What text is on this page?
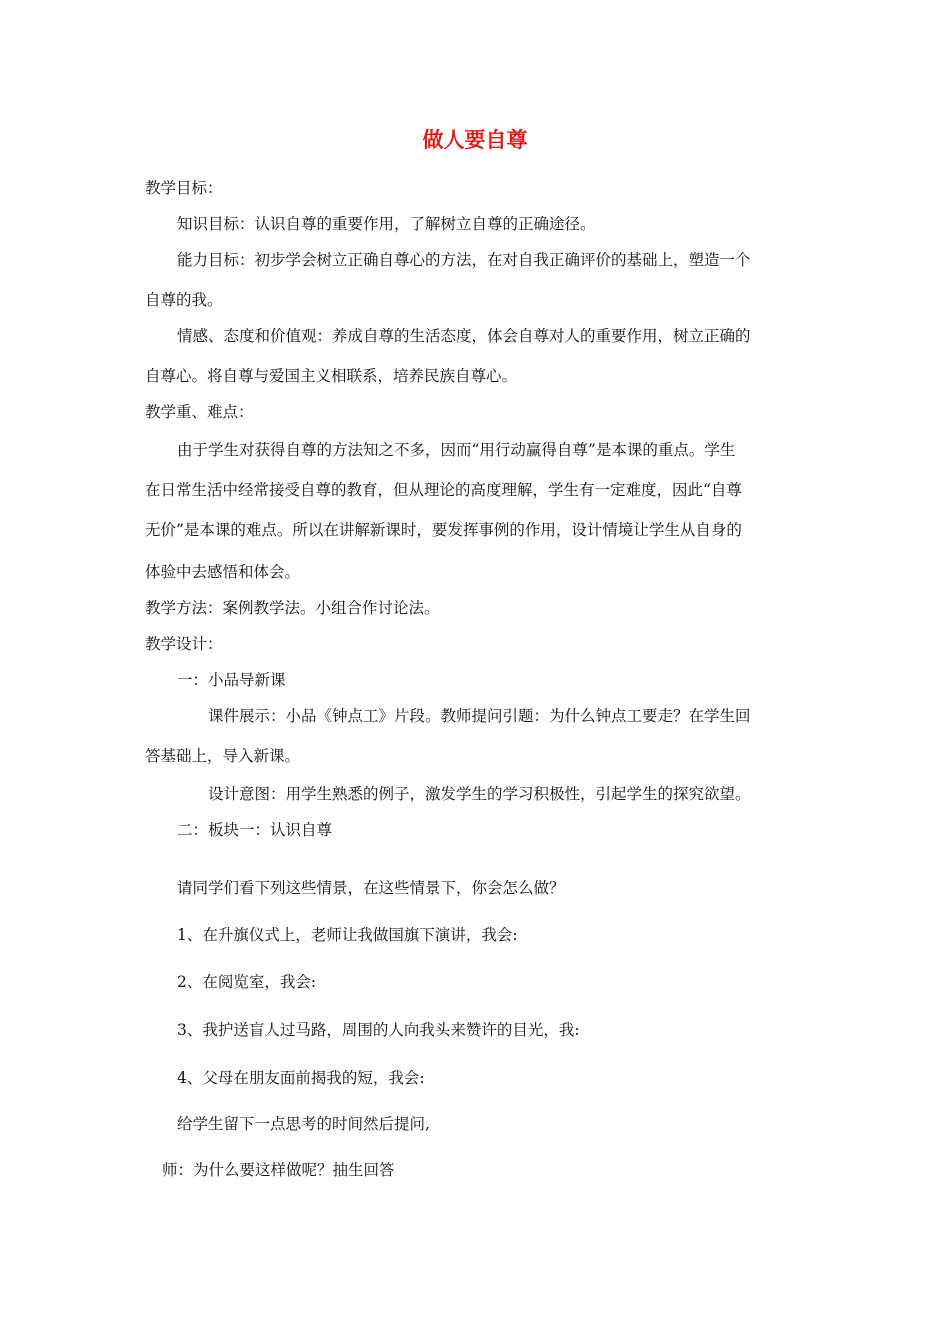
做人要自尊
教学目标：
知识目标：认识自尊的重要作用，了解树立自尊的正确途径。
能力目标：初步学会树立正确自尊心的方法，在对自我正确评价的基础上，塑造一个
自尊的我。
情感、态度和价值观：养成自尊的生活态度，体会自尊对人的重要作用，树立正确的
自尊心。将自尊与爱国主义相联系，培养民族自尊心。
教学重、难点：
由于学生对获得自尊的方法知之不多，因而“用行动赢得自尊”是本课的重点。学生
在日常生活中经常接受自尊的教育，但从理论的高度理解，学生有一定难度，因此“自尊
无价”是本课的难点。所以在讲解新课时，要发挥事例的作用，设计情境让学生从自身的
体验中去感悟和体会。
教学方法：案例教学法。小组合作讨论法。
教学设计：
一：小品导新课
课件展示：小品《钟点工》片段。教师提问引题：为什么钟点工要走？在学生回
答基础上，导入新课。
设计意图：用学生熟悉的例子，激发学生的学习积极性，引起学生的探究欲望。
二：板块一：认识自尊
请同学们看下列这些情景，在这些情景下，你会怎么做？
1、在升旗仪式上，老师让我做国旗下演讲，我会:
2、在阅览室，我会:
3、我护送盲人过马路，周围的人向我头来赞许的目光，我:
4、父母在朋友面前揭我的短，我会:
给学生留下一点思考的时间然后提问,
师：为什么要这样做呢？抽生回答
